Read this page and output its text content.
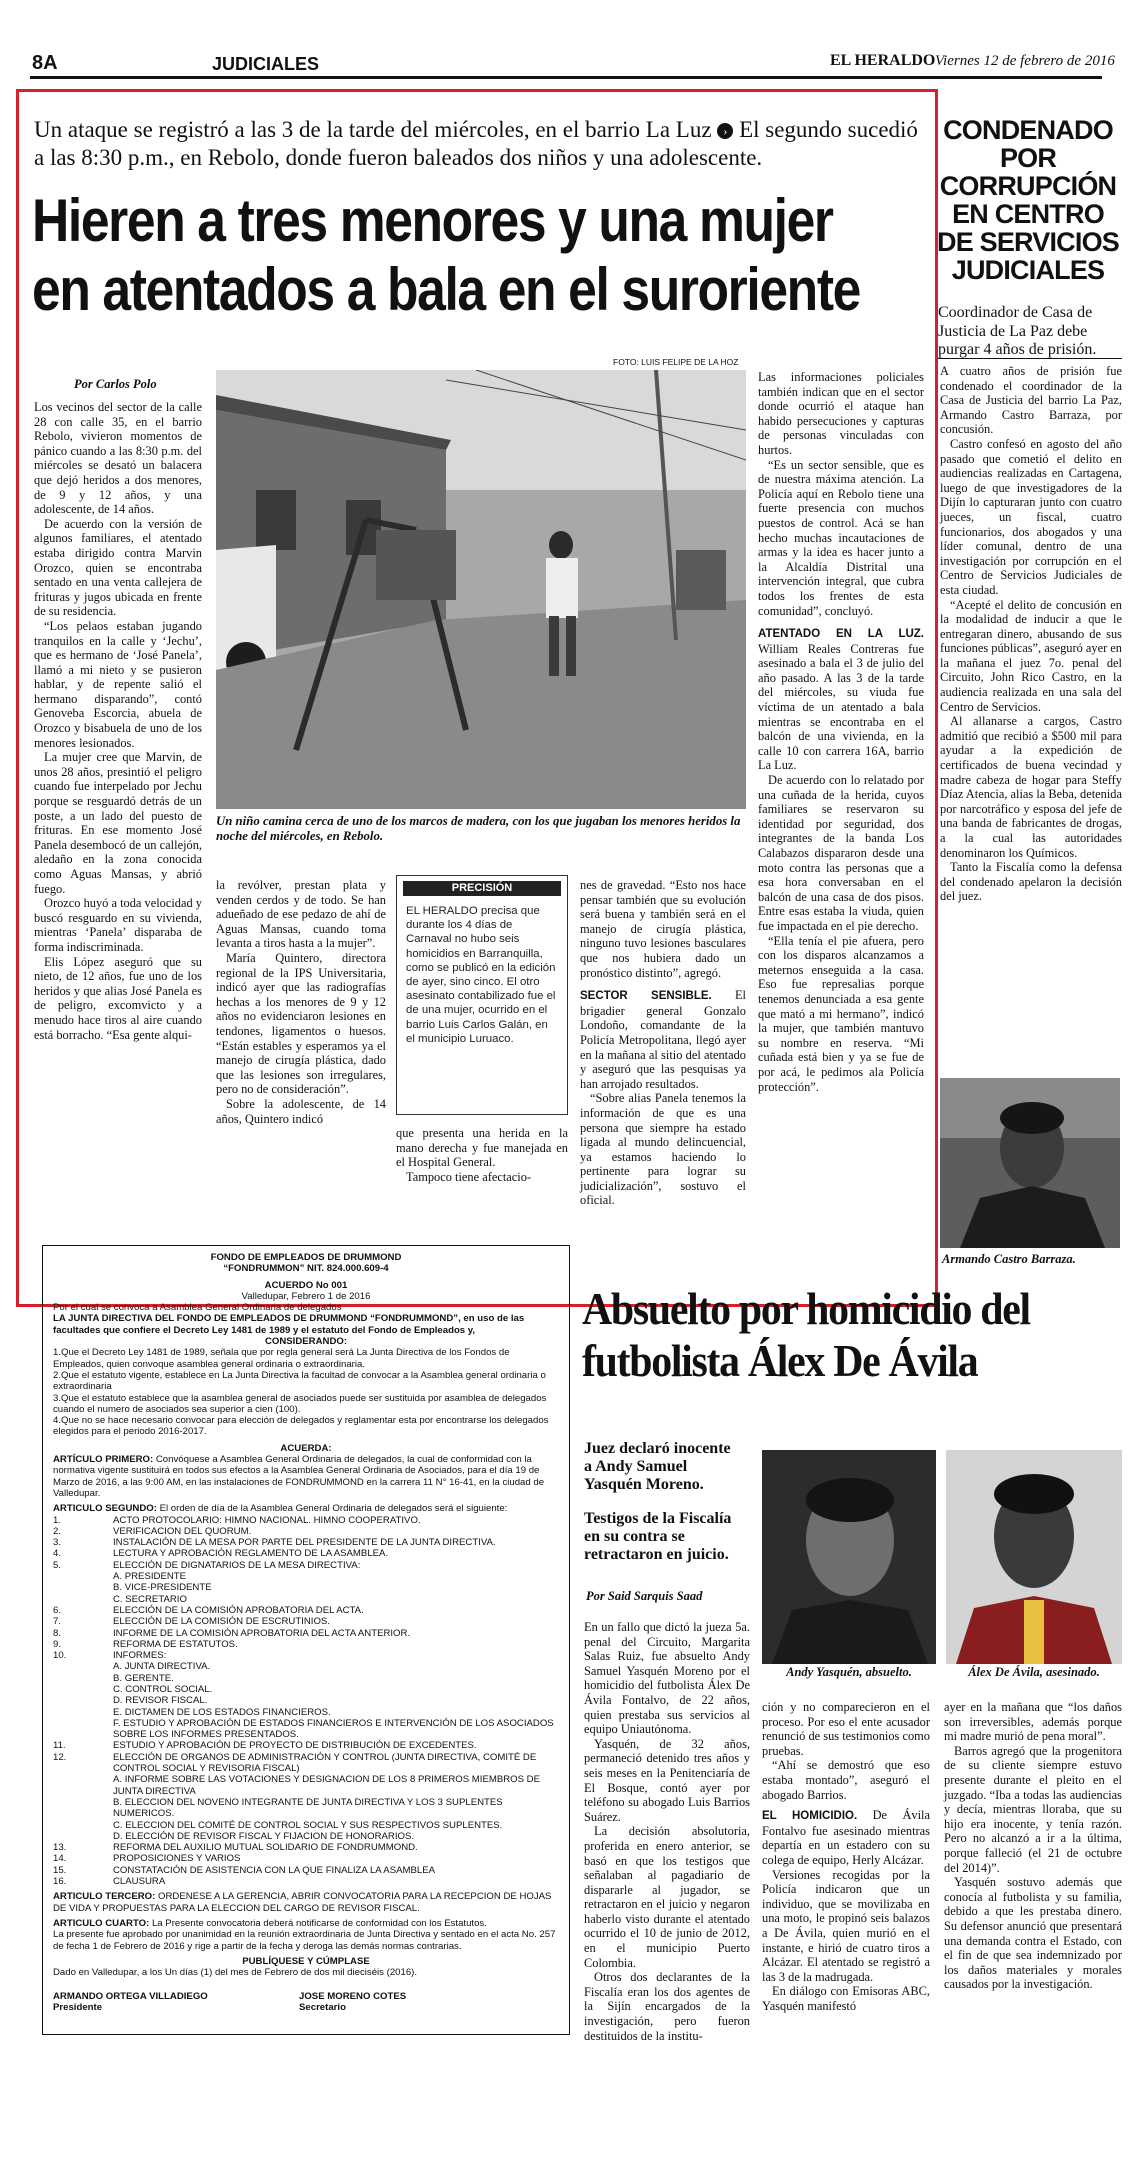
8A	JUDICIALES	EL HERALDO Viernes 12 de febrero de 2016
Un ataque se registró a las 3 de la tarde del miércoles, en el barrio La Luz › El segundo sucedió a las 8:30 p.m., en Rebolo, donde fueron baleados dos niños y una adolescente.
Hieren a tres menores y una mujer
en atentados a bala en el suroriente
FOTO: LUIS FELIPE DE LA HOZ
Por Carlos Polo

Los vecinos del sector de la calle 28 con calle 35, en el barrio Rebolo, vivieron momentos de pánico cuando a las 8:30 p.m. del miércoles se desató un balacera que dejó heridos a dos menores, de 9 y 12 años, y una adolescente, de 14 años.

De acuerdo con la versión de algunos familiares, el atentado estaba dirigido contra Marvin Orozco, quien se encontraba sentado en una venta callejera de frituras y jugos ubicada en frente de su residencia.

“Los pelaos estaban jugando tranquilos en la calle y ‘Jechu’, que es hermano de ‘José Panela’, llamó a mi nieto y se pusieron hablar, y de repente salió el hermano disparando”, contó Genoveba Escorcia, abuela de Orozco y bisabuela de uno de los menores lesionados.

La mujer cree que Marvin, de unos 28 años, presintió el peligro cuando fue interpelado por Jechu porque se resguardó detrás de un poste, a un lado del puesto de frituras. En ese momento José Panela desembocó de un callejón, aledaño en la zona conocida como Aguas Mansas, y abrió fuego.

Orozco huyó a toda velocidad y buscó resguardo en su vivienda, mientras ‘Panela’ disparaba de forma indiscriminada.

Elis López aseguró que su nieto, de 12 años, fue uno de los heridos y que alias José Panela es de peligro, excomvicto y a menudo hace tiros al aire cuando está borracho. “Esa gente alqui-

Un niño camina cerca de uno de los marcos de madera, con los que jugaban los menores heridos la noche del miércoles, en Rebolo.

la revólver, prestan plata y venden cerdos y de todo. Se han adueñado de ese pedazo de ahí de Aguas Mansas, cuando toma levanta a tiros hasta a la mujer”.

María Quintero, directora regional de la IPS Universitaria, indicó ayer que las radiografías hechas a los menores de 9 y 12 años no evidenciaron lesiones en tendones, ligamentos o huesos. “Están estables y esperamos ya el manejo de cirugía plástica, dado que las lesiones son irregulares, pero no de consideración”.

Sobre la adolescente, de 14 años, Quintero indicó

PRECISIÓN
EL HERALDO precisa que durante los 4 días de Carnaval no hubo seis homicidios en Barranquilla, como se publicó en la edición de ayer, sino cinco. El otro asesinato contabilizado fue el de una mujer, ocurrido en el barrio Luis Carlos Galán, en el municipio Luruaco.

que presenta una herida en la mano derecha y fue manejada en el Hospital General.

Tampoco tiene afectacio-

nes de gravedad. “Esto nos hace pensar también que su evolución será buena y también será en el manejo de cirugía plástica, ninguno tuvo lesiones basculares que nos hubiera dado un pronóstico distinto”, agregó.

SECTOR SENSIBLE. El brigadier general Gonzalo Londoño, comandante de la Policía Metropolitana, llegó ayer en la mañana al sitio del atentado y aseguró que las pesquisas ya han arrojado resultados.

“Sobre alias Panela tenemos la información de que es una persona que siempre ha estado ligada al mundo delincuencial, ya estamos haciendo lo pertinente para lograr su judicialización”, sostuvo el oficial.

Las informaciones policiales también indican que en el sector donde ocurrió el ataque han habido persecuciones y capturas de personas vinculadas con hurtos.

“Es un sector sensible, que es de nuestra máxima atención. La Policía aquí en Rebolo tiene una fuerte presencia con muchos puestos de control. Acá se han hecho muchas incautaciones de armas y la idea es hacer junto a la Alcaldía Distrital una intervención integral, que cubra todos los frentes de esta comunidad”, concluyó.

ATENTADO EN LA LUZ. William Reales Contreras fue asesinado a bala el 3 de julio del año pasado. A las 3 de la tarde del miércoles, su viuda fue víctima de un atentado a bala mientras se encontraba en el balcón de una vivienda, en la calle 10 con carrera 16A, barrio La Luz.

De acuerdo con lo relatado por una cuñada de la herida, cuyos familiares se reservaron su identidad por seguridad, dos integrantes de la banda Los Calabazos dispararon desde una moto contra las personas que a esa hora conversaban en el balcón de una casa de dos pisos. Entre esas estaba la viuda, quien fue impactada en el pie derecho.

“Ella tenía el pie afuera, pero con los disparos alcanzamos a meternos enseguida a la casa. Eso fue represalias porque tenemos denunciada a esa gente que mató a mi hermano”, indicó la mujer, que también mantuvo su nombre en reserva. “Mi cuñada está bien y ya se fue de por acá, le pedimos ala Policía protección”.

CONDENADO POR CORRUPCIÓN EN CENTRO DE SERVICIOS JUDICIALES
Coordinador de Casa de Justicia de La Paz debe purgar 4 años de prisión.

A cuatro años de prisión fue condenado el coordinador de la Casa de Justicia del barrio La Paz, Armando Castro Barraza, por concusión.

Castro confesó en agosto del año pasado que cometió el delito en audiencias realizadas en Cartagena, luego de que investigadores de la Dijín lo capturaran junto con cuatro jueces, un fiscal, cuatro funcionarios, dos abogados y una líder comunal, dentro de una investigación por corrupción en el Centro de Servicios Judiciales de esta ciudad.

“Acepté el delito de concusión en la modalidad de inducir a que le entregaran dinero, abusando de sus funciones públicas”, aseguró ayer en la mañana el juez 7o. penal del Circuito, John Rico Castro, en la audiencia realizada en una sala del Centro de Servicios.

Al allanarse a cargos, Castro admitió que recibió a $500 mil para ayudar a la expedición de certificados de buena vecindad y madre cabeza de hogar para Steffy Díaz Atencia, alias la Beba, detenida por narcotráfico y esposa del jefe de una banda de fabricantes de drogas, a la cual las autoridades denominaron los Químicos.

Tanto la Fiscalía como la defensa del condenado apelaron la decisión del juez.

Armando Castro Barraza.
FONDO DE EMPLEADOS DE DRUMMOND
“FONDRUMMON” NIT. 824.000.609-4
ACUERDO No 001
Valledupar, Febrero 1 de 2016
Por el cual se convoca a Asamblea General Ordinaria de delegados
LA JUNTA DIRECTIVA DEL FONDO DE EMPLEADOS DE DRUMMOND “FONDRUMMOND”, en uso de las facultades que confiere el Decreto Ley 1481 de 1989 y el estatuto del Fondo de Empleados y,
CONSIDERANDO:
1.Que el Decreto Ley 1481 de 1989, señala que por regla general será La Junta Directiva de los Fondos de Empleados, quien convoque asamblea general ordinaria o extraordinaria.
2.Que el estatuto vigente, establece en La Junta Directiva la facultad de convocar a la Asamblea general ordinaria o extraordinaria
3.Que el estatuto establece que la asamblea general de asociados puede ser sustituida por asamblea de delegados cuando el numero de asociados sea superior a cien (100).
4.Que no se hace necesario convocar para elección de delegados y reglamentar esta por encontrarse los delegados elegidos para el periodo 2016-2017.
ACUERDA:
ARTÍCULO PRIMERO: Convóquese a Asamblea General Ordinaria de delegados, la cual de conformidad con la normativa vigente sustituirá en todos sus efectos a la Asamblea General Ordinaria de Asociados, para el día 19 de Marzo de 2016, a las 9:00 AM, en las instalaciones de FONDRUMMOND en la carrera 11 N° 16-41, en la ciudad de Valledupar.
ARTICULO SEGUNDO: El orden de día de la Asamblea General Ordinaria de delegados será el siguiente:
1.	ACTO PROTOCOLARIO: HIMNO NACIONAL. HIMNO COOPERATIVO.
2.	VERIFICACION DEL QUORUM.
3.	INSTALACIÓN DE LA MESA POR PARTE DEL PRESIDENTE DE LA JUNTA DIRECTIVA.
4.	LECTURA Y APROBACIÓN REGLAMENTO DE LA ASAMBLEA.
5.	ELECCIÓN DE DIGNATARIOS DE LA MESA DIRECTIVA:
A. PRESIDENTE
B. VICE-PRESIDENTE
C. SECRETARIO
6.	ELECCIÓN DE LA COMISIÓN APROBATORIA DEL ACTA.
7.	ELECCIÓN DE LA COMISIÓN DE ESCRUTINIOS.
8.	INFORME DE LA COMISIÓN APROBATORIA DEL ACTA ANTERIOR.
9.	REFORMA DE ESTATUTOS.
10.	INFORMES:
A. JUNTA DIRECTIVA.
B. GERENTE.
C. CONTROL SOCIAL.
D. REVISOR FISCAL.
E. DICTAMEN DE LOS ESTADOS FINANCIEROS.
F. ESTUDIO Y APROBACIÓN DE ESTADOS FINANCIEROS E INTERVENCIÓN DE LOS ASOCIADOS SOBRE LOS INFORMES PRESENTADOS.
11.	ESTUDIO Y APROBACIÓN DE PROYECTO DE DISTRIBUCIÓN DE EXCEDENTES.
12.	ELECCIÓN DE ORGANOS DE ADMINISTRACIÓN Y CONTROL (JUNTA DIRECTIVA, COMITÉ DE CONTROL SOCIAL Y REVISORIA FISCAL)
A. INFORME SOBRE LAS VOTACIONES Y DESIGNACION DE LOS 8 PRIMEROS MIEMBROS DE JUNTA DIRECTIVA
B. ELECCION DEL NOVENO INTEGRANTE DE JUNTA DIRECTIVA Y LOS 3 SUPLENTES NUMERICOS.
C. ELECCION DEL COMITÉ DE CONTROL SOCIAL Y SUS RESPECTIVOS SUPLENTES.
D. ELECCIÓN DE REVISOR FISCAL Y FIJACION DE HONORARIOS.
13.	REFORMA DEL AUXILIO MUTUAL SOLIDARIO DE FONDRUMMOND.
14.	PROPOSICIONES Y VARIOS
15.	CONSTATACIÓN DE ASISTENCIA CON LA QUE FINALIZA LA ASAMBLEA
16.	CLAUSURA
ARTICULO TERCERO: ORDENESE A LA GERENCIA, ABRIR CONVOCATORIA PARA LA RECEPCION DE HOJAS DE VIDA Y PROPUESTAS PARA LA ELECCION DEL CARGO DE REVISOR FISCAL.
ARTICULO CUARTO: La Presente convocatoria deberá notificarse de conformidad con los Estatutos.
La presente fue aprobado por unanimidad en la reunión extraordinaria de Junta Directiva y sentado en el acta No. 257 de fecha 1 de Febrero de 2016 y rige a partir de la fecha y deroga las demás normas contrarias.
PUBLÍQUESE Y CÚMPLASE
Dado en Valledupar, a los Un días (1) del mes de Febrero de dos mil dieciséis (2016).
ARMANDO ORTEGA VILLADIEGO
Presidente
JOSE MORENO COTES
Secretario
Absuelto por homicidio del
futbolista Álex De Ávila
Juez declaró inocente a Andy Samuel Yasquén Moreno.
Testigos de la Fiscalía en su contra se retractaron en juicio.
Por Said Sarquis Saad
Andy Yasquén, absuelto.	Álex De Ávila, asesinado.

En un fallo que dictó la jueza 5a. penal del Circuito, Margarita Salas Ruiz, fue absuelto Andy Samuel Yasquén Moreno por el homicidio del futbolista Álex De Ávila Fontalvo, de 22 años, quien prestaba sus servicios al equipo Uniautónoma.

Yasquén, de 32 años, permaneció detenido tres años y seis meses en la Penitenciaría de El Bosque, contó ayer por teléfono su abogado Luis Barrios Suárez.

La decisión absolutoria, proferida en enero anterior, se basó en que los testigos que señalaban al pagadiario de dispararle al jugador, se retractaron en el juicio y negaron haberlo visto durante el atentado ocurrido el 10 de junio de 2012, en el municipio Puerto Colombia.

Otros dos declarantes de la Fiscalía eran los dos agentes de la Sijín encargados de la investigación, pero fueron destituidos de la institu-

ción y no comparecieron en el proceso. Por eso el ente acusador renunció de sus testimonios como pruebas.

“Ahí se demostró que eso estaba montado”, aseguró el abogado Barrios.

EL HOMICIDIO. De Ávila Fontalvo fue asesinado mientras departía en un estadero con su colega de equipo, Herly Alcázar.

Versiones recogidas por la Policía indicaron que un individuo, que se movilizaba en una moto, le propinó seis balazos a De Ávila, quien murió en el instante, e hirió de cuatro tiros a Alcázar. El atentado se registró a las 3 de la madrugada.

En diálogo con Emisoras ABC, Yasquén manifestó

ayer en la mañana que “los daños son irreversibles, además porque mi madre murió de pena moral”.

Barros agregó que la progenitora de su cliente siempre estuvo presente durante el pleito en el juzgado. “Iba a todas las audiencias y decía, mientras lloraba, que su hijo era inocente, y tenía razón. Pero no alcanzó a ir a la última, porque falleció (el 21 de octubre del 2014)”.

Yasquén sostuvo además que conocía al futbolista y su familia, debido a que les prestaba dinero. Su defensor anunció que presentará una demanda contra el Estado, con el fin de que sea indemnizado por los daños materiales y morales causados por la investigación.
